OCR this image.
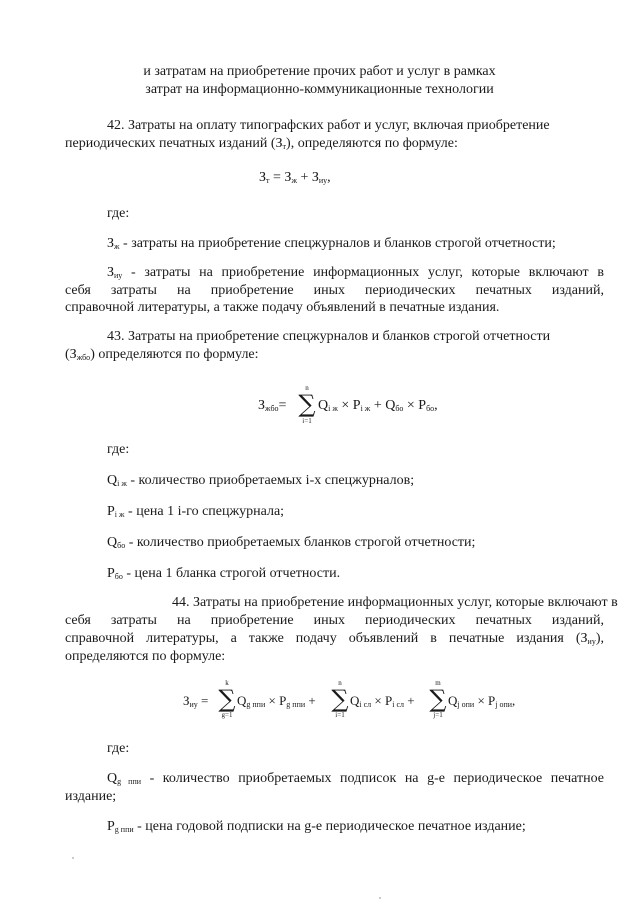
и затратам на приобретение прочих работ и услуг в рамках
затрат на информационно-коммуникационные технологии
42. Затраты на оплату типографских работ и услуг, включая приобретение
периодических печатных изданий $(З_т)$, определяются по формуле:
$З_т = З_ж + З_{иу}$,
где:
$З_ж$ - затраты на приобретение спецжурналов и бланков строгой отчетности;
$З_{иу}$ - затраты на приобретение информационных услуг, которые включают в
себя затраты на приобретение иных периодических печатных изданий,
справочной литературы, а также подачу объявлений в печатные издания.
43. Затраты на приобретение спецжурналов и бланков строгой отчетности
$(З_{жбо})$ определяются по формуле:
$З_{жбо}=$
n
∑
i=1
$Q_{i ж} \times P_{i ж} + Q_{бо} \times P_{бо}$,
где:
$Q_{i ж}$ - количество приобретаемых i-х спецжурналов;
$P_{i ж}$ - цена 1 i-го спецжурнала;
$Q_{бо}$ - количество приобретаемых бланков строгой отчетности;
$P_{бо}$ - цена 1 бланка строгой отчетности.
44. Затраты на приобретение информационных услуг, которые включают в
себя затраты на приобретение иных периодических печатных изданий,
справочной литературы, а также подачу объявлений в печатные издания $(З_{иу})$,
определяются по формуле:
$З_{иу}$ =
k
∑
g=1
$Q_{g ппи} \times P_{g ппи}$ +
n
∑
i=1
$Q_{i сл} \times P_{i сл}$ +
m
∑
j=1
$Q_{j опи} \times P_{j опи}$,
где:
$Q_{g ппи}$ - количество приобретаемых подписок на g-е периодическое печатное
издание;
$P_{g ппи}$ - цена годовой подписки на g-е периодическое печатное издание;
